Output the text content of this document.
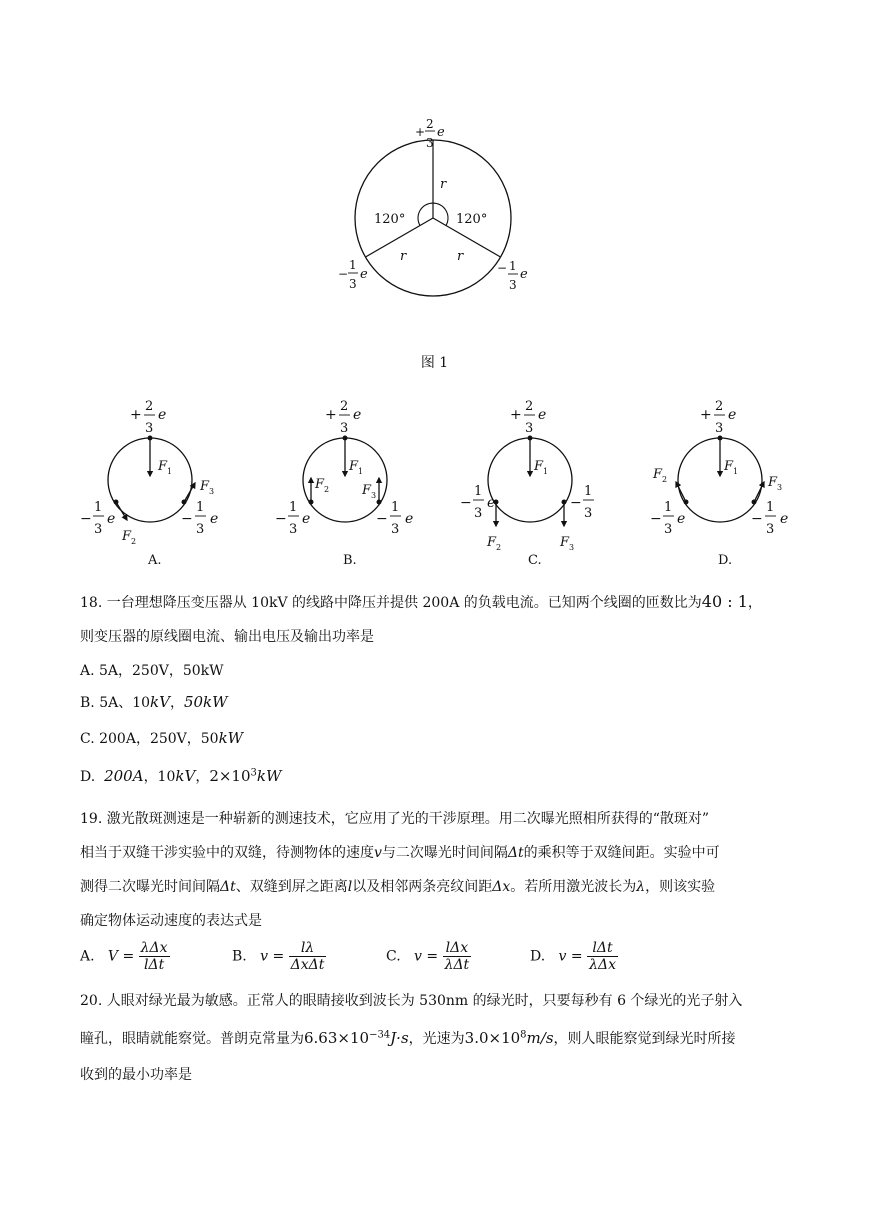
r
r	r
120°	120°
+
2
3
e
−
1
3
e	− 1
3
e
图 1
+
2
3
e
F 1
F 2
F 3
−
1
3
e	−
1
3
e
A.
+
2
3
e
F 1
F 2	F 3
−
1
3
e	−
1
3
e
B.
+
2
3
e
F 1
F 2	F 3
−
1
3
e	−
1
3
C.
+
2
3
e
F 1
F 2	F 3
−
1
3
e	−
1
3
e
D.
18. 一台理想降压变压器从 10kV 的线路中降压并提供 200A 的负载电流。已知两个线圈的匝数比为40 : 1，
则变压器的原线圈电流、输出电压及输出功率是
A. 5A，250V，50kW
B. 5A、10kV，50kW
C. 200A，250V，50kW
D. 200A，10kV，$2\times 10^3kW$
19. 激光散斑测速是一种崭新的测速技术，它应用了光的干涉原理。用二次曝光照相所获得的“散斑对”
相当于双缝干涉实验中的双缝，待测物体的速度v与二次曝光时间间隔Δt的乘积等于双缝间距。实验中可
测得二次曝光时间间隔Δt、双缝到屏之距离l以及相邻两条亮纹间距Δx。若所用激光波长为λ，则该实验
确定物体运动速度的表达式是
A. $V = \frac{\text{λΔx}}{\text{lΔt}}$	B. $v = \frac{l\lambda}{\text{ΔxΔt}}$	C. $v = \frac{\text{lΔx}}{\text{λΔt}}$	D. $v = \frac{\text{lΔt}}{\text{λΔx}}$
20. 人眼对绿光最为敏感。正常人的眼睛接收到波长为 530nm 的绿光时，只要每秒有 6 个绿光的光子射入
瞳孔，眼睛就能察觉。普朗克常量为$6.63\times 10^{-34}J\cdot s$，光速为$3.0\times 10^8m/s$，则人眼能察觉到绿光时所接
收到的最小功率是
